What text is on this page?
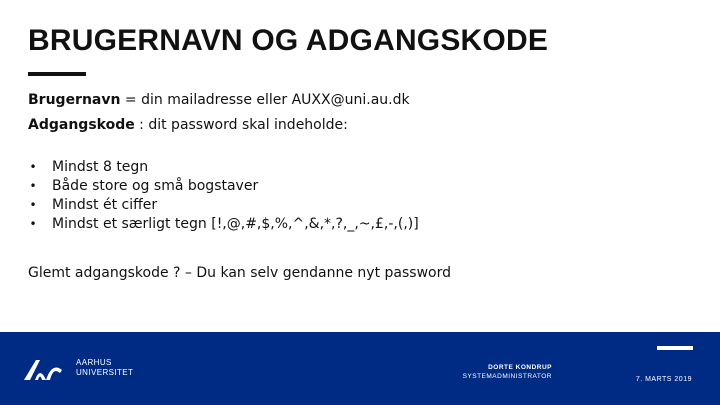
BRUGERNAVN OG ADGANGSKODE
Brugernavn = din mailadresse eller AUXX@uni.au.dk
Adgangskode : dit password skal indeholde:
• Mindst 8 tegn
• Både store og små bogstaver
• Mindst ét ciffer
• Mindst et særligt tegn [!,@,#,$,%,^,&,*,?,_,~,£,-,(,)]
Glemt adgangskode ? – Du kan selv gendanne nyt password
AARHUS
UNIVERSITET
DORTE KONDRUP
SYSTEMADMINISTRATOR	7. MARTS 2019
